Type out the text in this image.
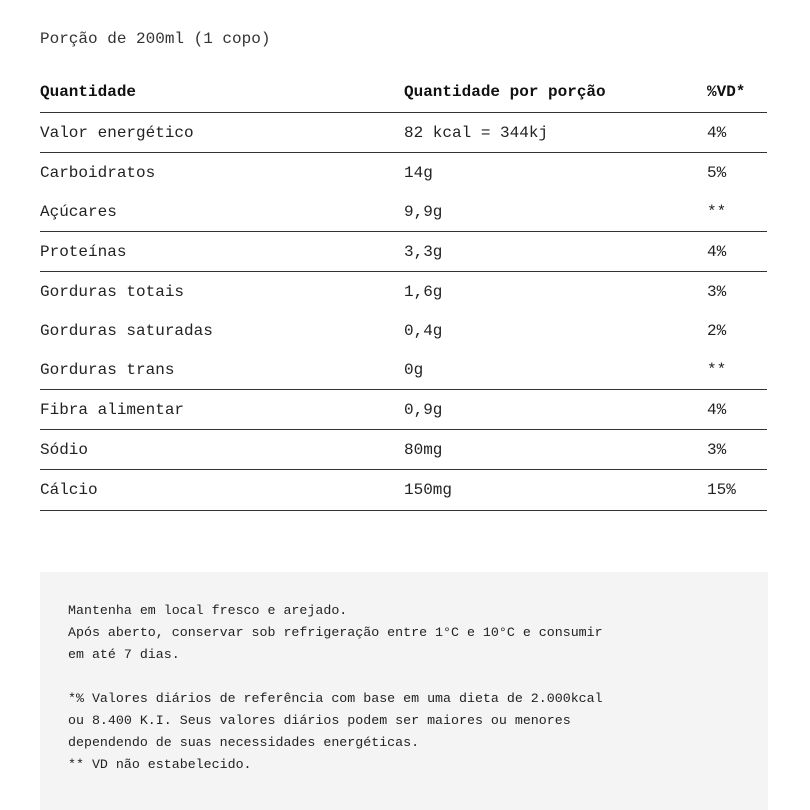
Porção de 200ml (1 copo)
Quantidade	Quantidade por porção	%VD*
Valor energético	82 kcal = 344kj	4%
Carboidratos	14g	5%
Açúcares	9,9g	**
Proteínas	3,3g	4%
Gorduras totais	1,6g	3%
Gorduras saturadas	0,4g	2%
Gorduras trans	0g	**
Fibra alimentar	0,9g	4%
Sódio	80mg	3%
Cálcio	150mg	15%

Mantenha em local fresco e arejado.
Após aberto, conservar sob refrigeração entre 1°C e 10°C e consumir
em até 7 dias.

*% Valores diários de referência com base em uma dieta de 2.000kcal
ou 8.400 K.I. Seus valores diários podem ser maiores ou menores
dependendo de suas necessidades energéticas.
** VD não estabelecido.
